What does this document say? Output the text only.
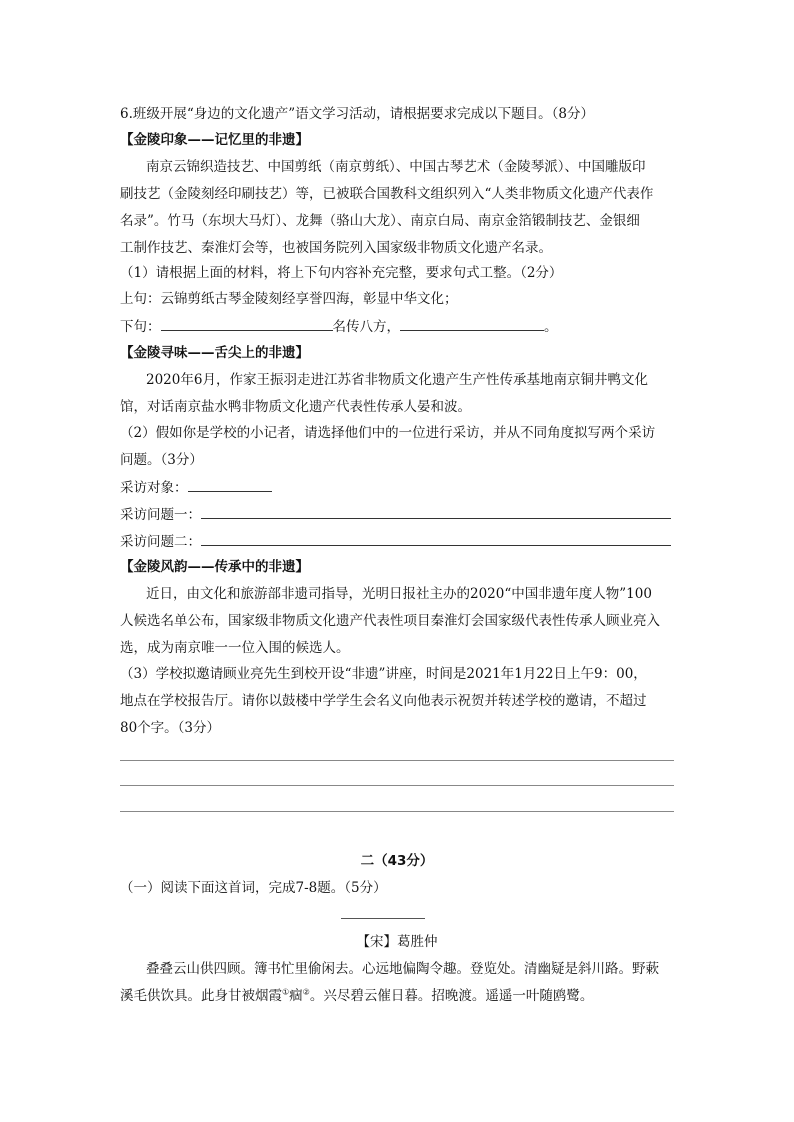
6.班级开展“身边的文化遗产”语文学习活动，请根据要求完成以下题目。（8分）
【金陵印象——记忆里的非遗】
南京云锦织造技艺、中国剪纸（南京剪纸）、中国古琴艺术（金陵琴派）、中国雕版印
刷技艺（金陵刻经印刷技艺）等，已被联合国教科文组织列入“人类非物质文化遗产代表作
名录”。竹马（东坝大马灯）、龙舞（骆山大龙）、南京白局、南京金箔锻制技艺、金银细
工制作技艺、秦淮灯会等，也被国务院列入国家级非物质文化遗产名录。
（1）请根据上面的材料，将上下句内容补充完整，要求句式工整。（2分）
上句：云锦剪纸古琴金陵刻经享誉四海，彰显中华文化；
下句：	名传八方，	。
【金陵寻味——舌尖上的非遗】
2020年6月，作家王振羽走进江苏省非物质文化遗产生产性传承基地南京铜井鸭文化
馆，对话南京盐水鸭非物质文化遗产代表性传承人晏和波。
（2）假如你是学校的小记者，请选择他们中的一位进行采访，并从不同角度拟写两个采访
问题。（3分）
采访对象：
采访问题一：
采访问题二：
【金陵风韵——传承中的非遗】
近日，由文化和旅游部非遗司指导，光明日报社主办的2020“中国非遗年度人物”100
人候选名单公布，国家级非物质文化遗产代表性项目秦淮灯会国家级代表性传承人顾业亮入
选，成为南京唯一一位入围的候选人。
（3）学校拟邀请顾业亮先生到校开设“非遗”讲座，时间是2021年1月22日上午9：00，
地点在学校报告厅。请你以鼓楼中学学生会名义向他表示祝贺并转述学校的邀请，不超过
80个字。（3分）
二（43分）
（一）阅读下面这首词，完成7-8题。（5分）
【宋】葛胜仲
叠叠云山供四顾。簿书忙里偷闲去。心远地偏陶令趣。登览处。清幽疑是斜川路。野蔌
溪毛供饮具。此身甘被烟霞①痼②。兴尽碧云催日暮。招晚渡。遥遥一叶随鸥鹭。
